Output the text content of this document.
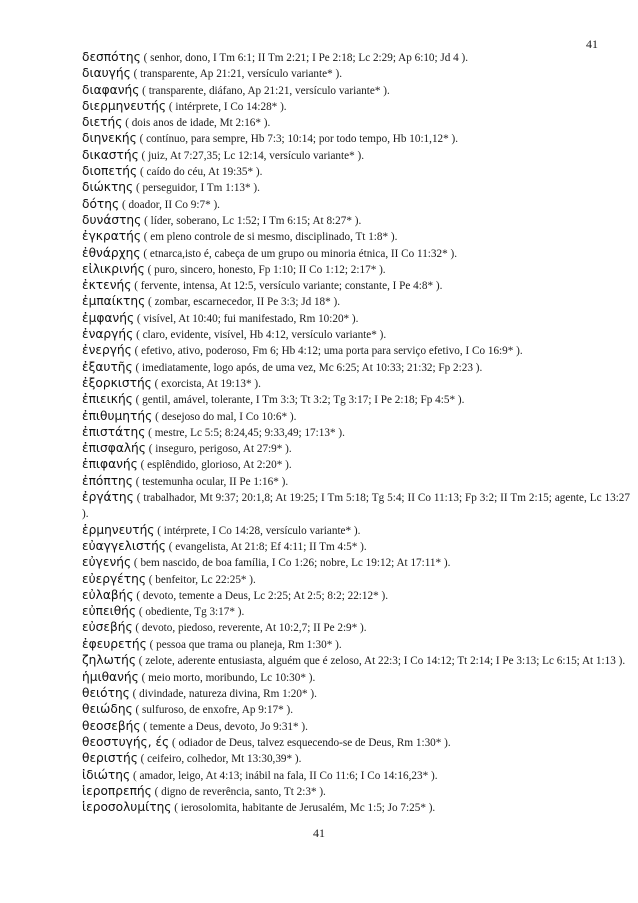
41

δεσπότης ( senhor, dono, I Tm 6:1; II Tm 2:21; I Pe 2:18; Lc 2:29; Ap 6:10; Jd 4 ).

διαυγής ( transparente, Ap 21:21, versículo variante* ).

διαφανής ( transparente, diáfano, Ap 21:21, versículo variante* ).

διερμηνευτής ( intérprete, I Co 14:28* ).

διετής ( dois anos de idade, Mt 2:16* ).

διηνεκής ( contínuo, para sempre, Hb 7:3; 10:14; por todo tempo, Hb 10:1,12* ).

δικαστής ( juiz, At 7:27,35; Lc 12:14, versículo variante* ).

διοπετής ( caído do céu, At 19:35* ).

διώκτης ( perseguidor, I Tm 1:13* ).

δότης ( doador, II Co 9:7* ).

δυνάστης ( líder, soberano, Lc 1:52; I Tm 6:15; At 8:27* ).

ἐγκρατής ( em pleno controle de si mesmo, disciplinado, Tt 1:8* ).

ἐθνάρχης ( etnarca,isto é, cabeça de um grupo ou minoria étnica, II Co 11:32* ).

εἰλικρινής ( puro, sincero, honesto, Fp 1:10; II Co 1:12; 2:17* ).

ἐκτενής ( fervente, intensa, At 12:5, versículo variante; constante, I Pe 4:8* ).

ἐμπαίκτης ( zombar, escarnecedor, II Pe 3:3; Jd 18* ).

ἐμφανής ( visível, At 10:40; fui manifestado, Rm 10:20* ).

ἐναργής ( claro, evidente, visível, Hb 4:12, versículo variante* ).

ἐνεργής ( efetivo, ativo, poderoso, Fm 6; Hb 4:12; uma porta para serviço efetivo, I Co 16:9* ).

ἐξαυτῆς ( imediatamente, logo após, de uma vez, Mc 6:25; At 10:33; 21:32; Fp 2:23 ).

ἐξορκιστής ( exorcista, At 19:13* ).

ἐπιεικής ( gentil, amável, tolerante, I Tm 3:3; Tt 3:2; Tg 3:17; I Pe 2:18; Fp 4:5* ).

ἐπιθυμητής ( desejoso do mal, I Co 10:6* ).

ἐπιστάτης ( mestre, Lc 5:5; 8:24,45; 9:33,49; 17:13* ).

ἐπισφαλής ( inseguro, perigoso, At 27:9* ).

ἐπιφανής ( esplêndido, glorioso, At 2:20* ).

ἐπόπτης ( testemunha ocular, II Pe 1:16* ).

ἐργάτης ( trabalhador, Mt 9:37; 20:1,8; At 19:25; I Tm 5:18; Tg 5:4; II Co 11:13; Fp 3:2; II Tm 2:15; agente, Lc 13:27 ).

ἑρμηνευτής ( intérprete, I Co 14:28, versículo variante* ).

εὐαγγελιστής ( evangelista, At 21:8; Ef 4:11; II Tm 4:5* ).

εὐγενής ( bem nascido, de boa família, I Co 1:26; nobre, Lc 19:12; At 17:11* ).

εὐεργέτης ( benfeitor, Lc 22:25* ).

εὐλαβής ( devoto, temente a Deus, Lc 2:25; At 2:5; 8:2; 22:12* ).

εὐπειθής ( obediente, Tg 3:17* ).

εὐσεβής ( devoto, piedoso, reverente, At 10:2,7; II Pe 2:9* ).

ἐφευρετής ( pessoa que trama ou planeja, Rm 1:30* ).

ζηλωτής ( zelote, aderente entusiasta, alguém que é zeloso, At 22:3; I Co 14:12; Tt 2:14; I Pe 3:13; Lc 6:15; At 1:13 ).

ἡμιθανής ( meio morto, moribundo, Lc 10:30* ).

θειότης ( divindade, natureza divina, Rm 1:20* ).

θειώδης ( sulfuroso, de enxofre, Ap 9:17* ).

θεοσεβής ( temente a Deus, devoto, Jo 9:31* ).

θεοστυγής, ές ( odiador de Deus, talvez esquecendo-se de Deus, Rm 1:30* ).

θεριστής ( ceifeiro, colhedor, Mt 13:30,39* ).

ἰδιώτης ( amador, leigo, At 4:13; inábil na fala, II Co 11:6; I Co 14:16,23* ).

ἱεροπρεπής ( digno de reverência, santo, Tt 2:3* ).

ἱεροσολυμίτης ( ierosolomita, habitante de Jerusalém, Mc 1:5; Jo 7:25* ).

41
